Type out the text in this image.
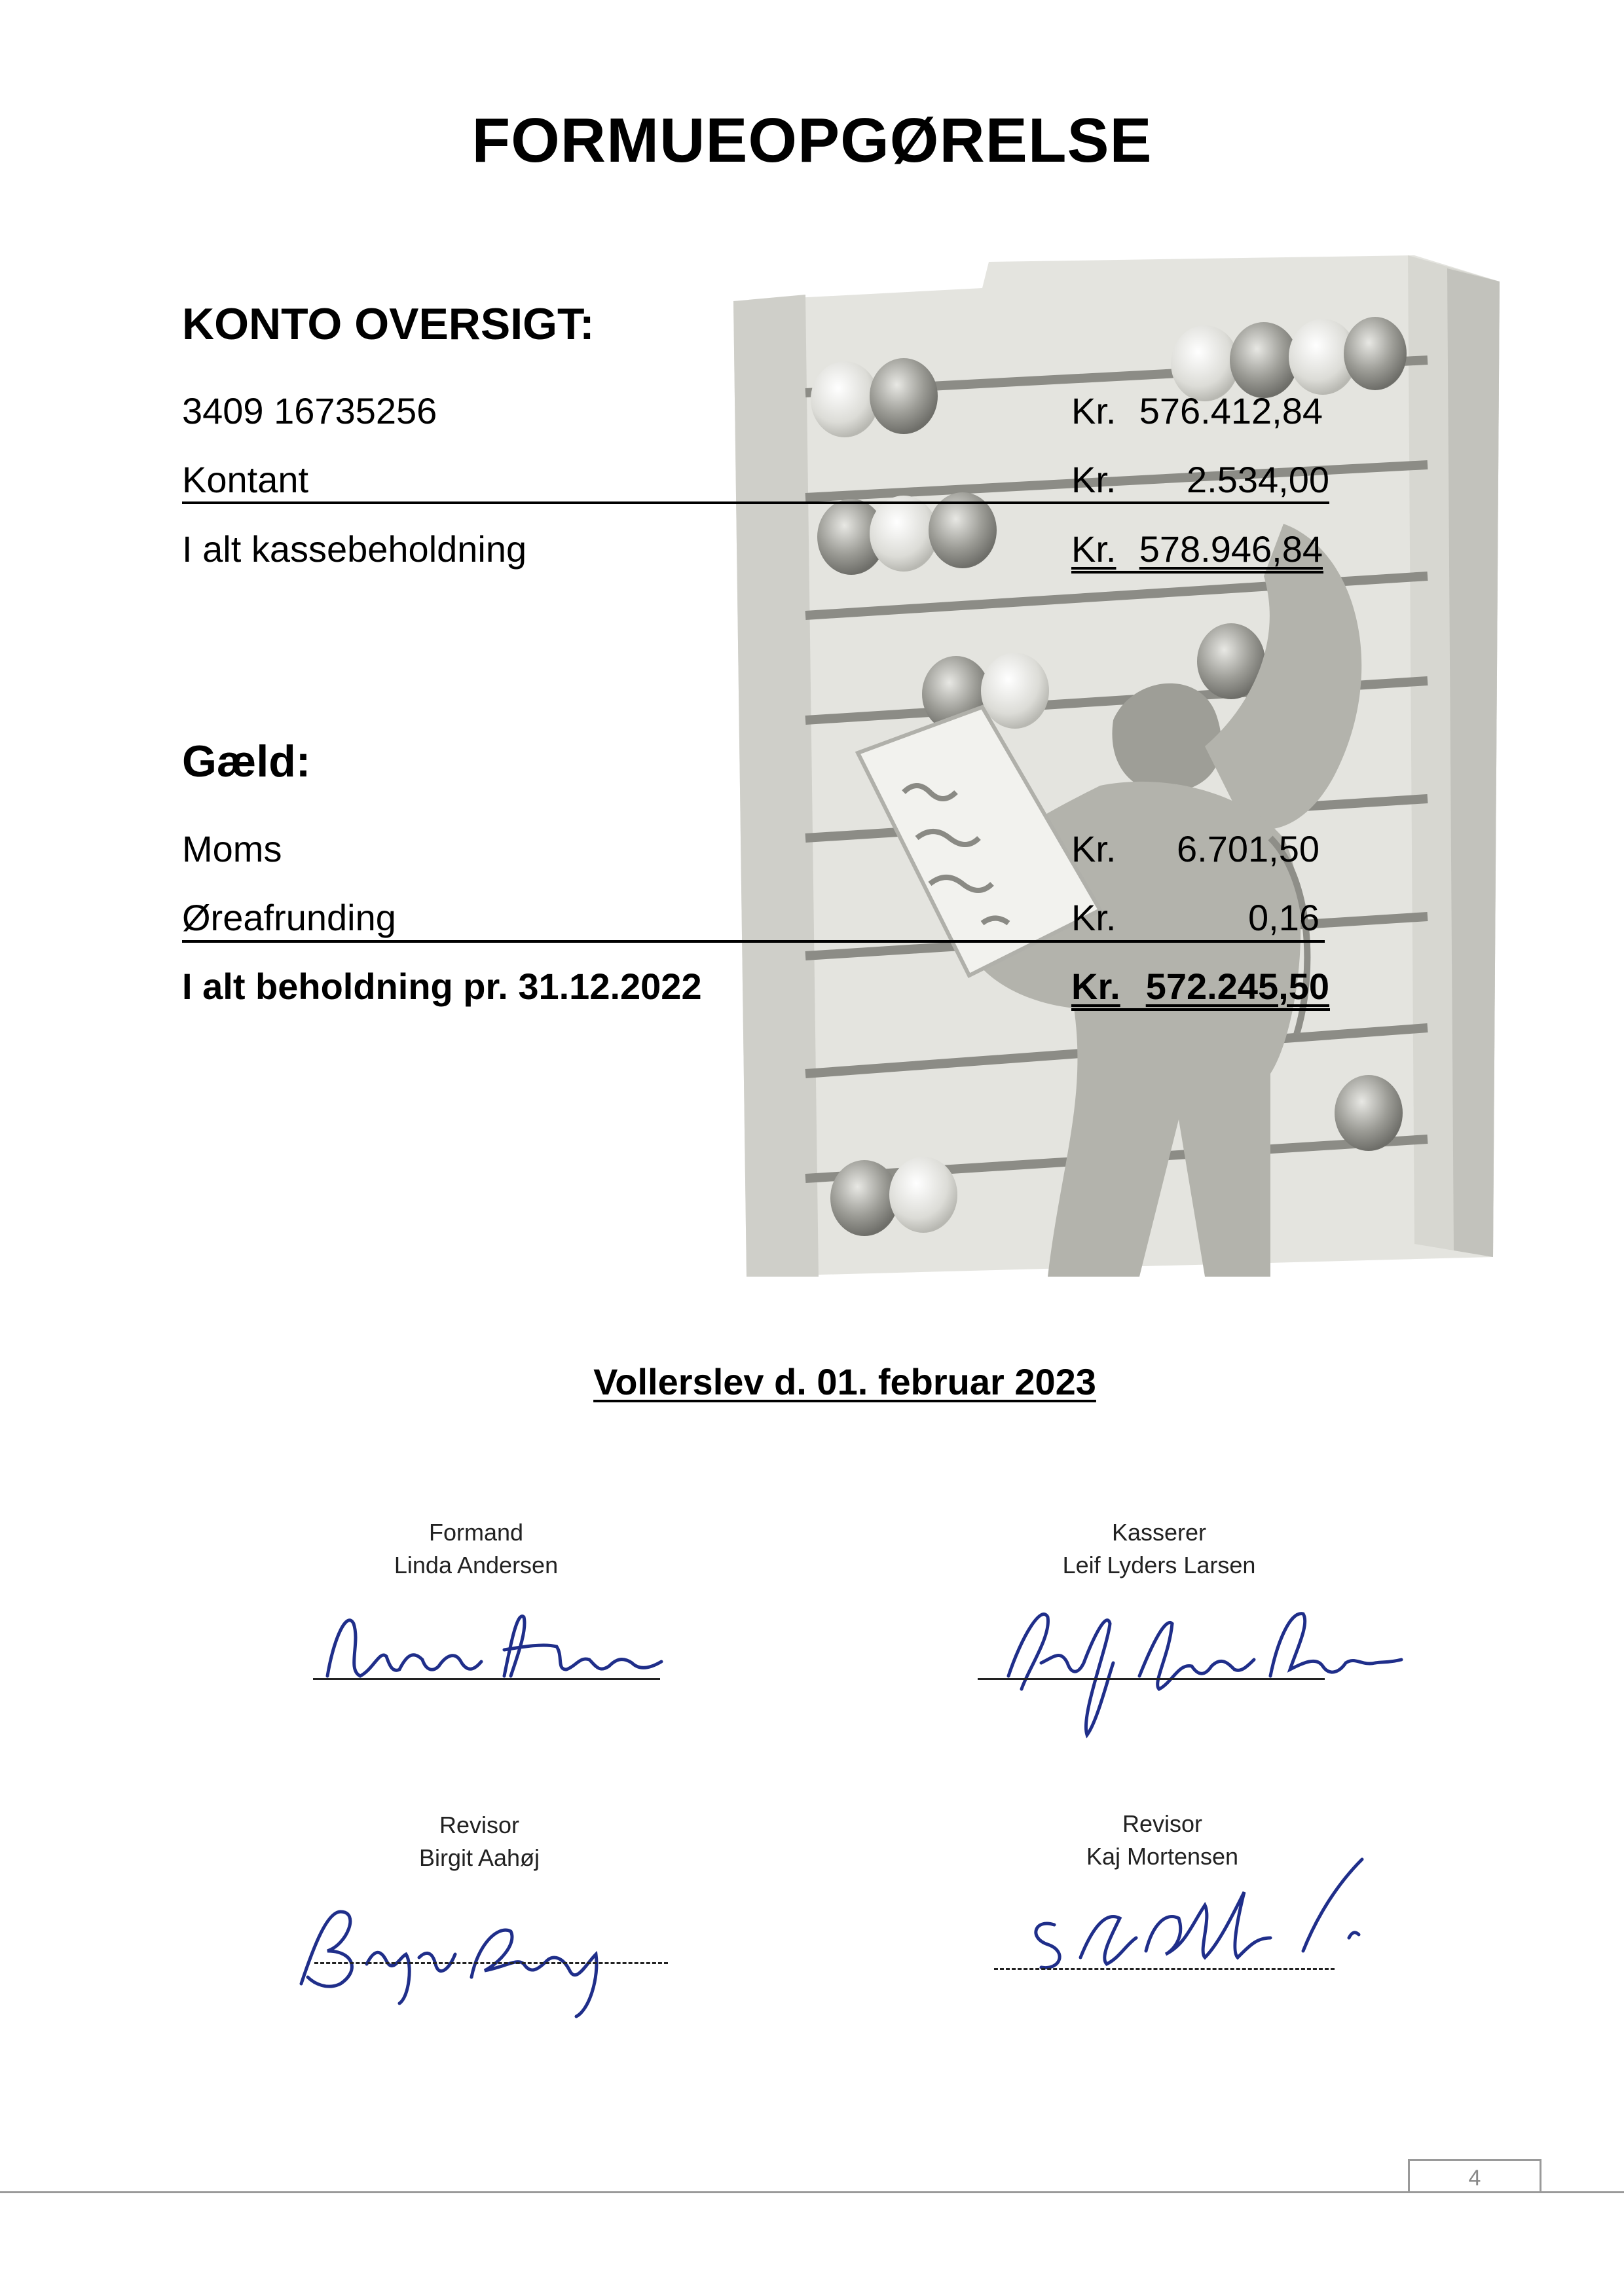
FORMUEOPGØRELSE
KONTO OVERSIGT:
3409 16735256	Kr. 576.412,84
Kontant	Kr.	2.534,00
I alt kassebeholdning	Kr. 578.946,84
Gæld:
Moms	Kr.	6.701,50
Øreafrunding	Kr.	0,16
I alt beholdning pr. 31.12.2022	Kr. 572.245,50
Vollerslev d. 01. februar 2023
Formand
Linda Andersen
Kasserer
Leif Lyders Larsen
Revisor
Birgit Aahøj
Revisor
Kaj Mortensen
4
